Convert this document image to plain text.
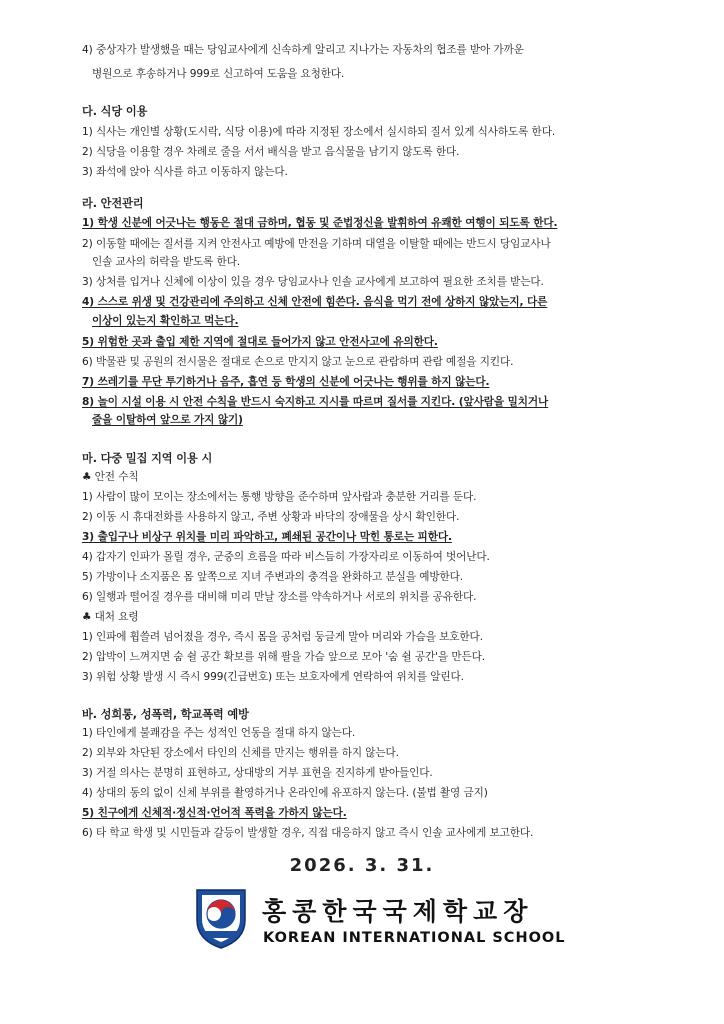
4) 중상자가 발생했을 때는 당임교사에게 신속하게 알리고 지나가는 자동차의 협조를 받아 가까운
병원으로 후송하거나 999로 신고하여 도움을 요청한다.
다. 식당 이용
1) 식사는 개인별 상황(도시락, 식당 이용)에 따라 지정된 장소에서 실시하되 질서 있게 식사하도록 한다.
2) 식당을 이용할 경우 차례로 줄을 서서 배식을 받고 음식물을 남기지 않도록 한다.
3) 좌석에 앉아 식사를 하고 이동하지 않는다.
라. 안전관리
1) 학생 신분에 어긋나는 행동은 절대 금하며, 협동 및 준법정신을 발휘하여 유쾌한 여행이 되도록 한다.
2) 이동할 때에는 질서를 지켜 안전사고 예방에 만전을 기하며 대열을 이탈할 때에는 반드시 당임교사나
인솔 교사의 허락을 받도록 한다.
3) 상처를 입거나 신체에 이상이 있을 경우 당임교사나 인솔 교사에게 보고하여 필요한 조치를 받는다.
4) 스스로 위생 및 건강관리에 주의하고 신체 안전에 힘쓴다. 음식을 먹기 전에 상하지 않았는지, 다른
이상이 있는지 확인하고 먹는다.
5) 위험한 곳과 출입 제한 지역에 절대로 들어가지 않고 안전사고에 유의한다.
6) 박물관 및 공원의 전시물은 절대로 손으로 만지지 않고 눈으로 관람하며 관람 예절을 지킨다.
7) 쓰레기를 무단 투기하거나 음주, 흡연 등 학생의 신분에 어긋나는 행위를 하지 않는다.
8) 놀이 시설 이용 시 안전 수칙을 반드시 숙지하고 지시를 따르며 질서를 지킨다. (앞사람을 밀치거나
줄을 이탈하여 앞으로 가지 않기)
마. 다중 밀집 지역 이용 시
♣ 안전 수칙
1) 사람이 많이 모이는 장소에서는 통행 방향을 준수하며 앞사람과 충분한 거리를 둔다.
2) 이동 시 휴대전화를 사용하지 않고, 주변 상황과 바닥의 장애물을 상시 확인한다.
3) 출입구나 비상구 위치를 미리 파악하고, 폐쇄된 공간이나 막힌 통로는 피한다.
4) 갑자기 인파가 몰릴 경우, 군중의 흐름을 따라 비스듬히 가장자리로 이동하여 벗어난다.
5) 가방이나 소지품은 몸 앞쪽으로 지녀 주변과의 충격을 완화하고 분실을 예방한다.
6) 일행과 떨어질 경우를 대비해 미리 만날 장소를 약속하거나 서로의 위치를 공유한다.
♣ 대처 요령
1) 인파에 휩쓸려 넘어졌을 경우, 즉시 몸을 공처럼 둥글게 말아 머리와 가슴을 보호한다.
2) 압박이 느껴지면 숨 쉴 공간 확보를 위해 팔을 가슴 앞으로 모아 '숨 쉴 공간'을 만든다.
3) 위험 상황 발생 시 즉시 999(긴급번호) 또는 보호자에게 연락하여 위치를 알린다.
바. 성희롱, 성폭력, 학교폭력 예방
1) 타인에게 불쾌감을 주는 성적인 언동을 절대 하지 않는다.
2) 외부와 차단된 장소에서 타인의 신체를 만지는 행위를 하지 않는다.
3) 거절 의사는 분명히 표현하고, 상대방의 거부 표현을 진지하게 받아들인다.
4) 상대의 동의 없이 신체 부위를 촬영하거나 온라인에 유포하지 않는다. (불법 촬영 금지)
5) 친구에게 신체적·정신적·언어적 폭력을 가하지 않는다.
6) 타 학교 학생 및 시민들과 갈등이 발생할 경우, 직접 대응하지 않고 즉시 인솔 교사에게 보고한다.
2026. 3. 31.
홍콩한국국제학교장
KOREAN INTERNATIONAL SCHOOL
